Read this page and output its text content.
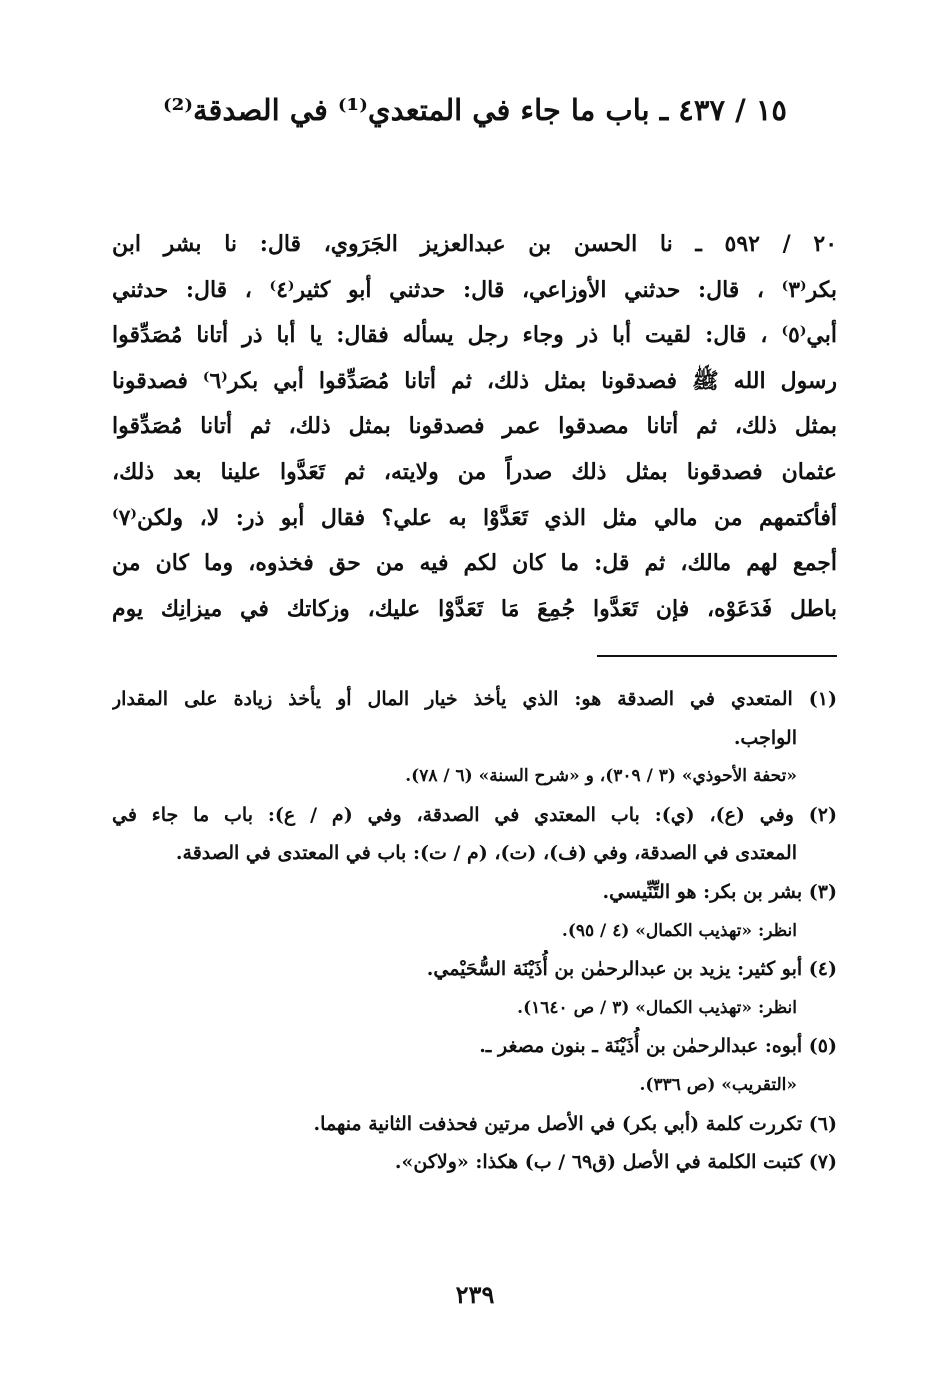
١٥ / ٤٣٧ ـ باب ما جاء في المتعدي⁽¹⁾ في الصدقة⁽²⁾
٢٠ / ٥٩٢ ـ نا الحسن بن عبدالعزيز الجَرَوي، قال: نا بشر ابن
بكر⁽٣⁾ ، قال: حدثني الأوزاعي، قال: حدثني أبو كثير⁽٤⁾ ، قال: حدثني
أبي⁽٥⁾ ، قال: لقيت أبا ذر وجاء رجل يسأله فقال: يا أبا ذر أتانا مُصَدِّقوا
رسول الله ﷺ فصدقونا بمثل ذلك، ثم أتانا مُصَدِّقوا أبي بكر⁽٦⁾ فصدقونا
بمثل ذلك، ثم أتانا مصدقوا عمر فصدقونا بمثل ذلك، ثم أتانا مُصَدِّقوا
عثمان فصدقونا بمثل ذلك صدراً من ولايته، ثم تَعَدَّوا علينا بعد ذلك،
أفأكتمهم من مالي مثل الذي تَعَدَّوْا به علي؟ فقال أبو ذر: لا، ولكن⁽٧⁾
أجمع لهم مالك، ثم قل: ما كان لكم فيه من حق فخذوه، وما كان من
باطل فَدَعَوْه، فإن تَعَدَّوا جُمِعَ مَا تَعَدَّوْا عليك، وزكاتك في ميزانِك يوم
(١) المتعدي في الصدقة هو: الذي يأخذ خيار المال أو يأخذ زيادة على المقدار
الواجب.
«تحفة الأحوذي» (٣ / ٣٠٩)، و «شرح السنة» (٦ / ٧٨).
(٢) وفي (ع)، (ي): باب المعتدي في الصدقة، وفي (م / ع): باب ما جاء في
المعتدى في الصدقة، وفي (ف)، (ت)، (م / ت): باب في المعتدى في الصدقة.
(٣) بشر بن بكر: هو التِّنِّيسي.
انظر: «تهذيب الكمال» (٤ / ٩٥).
(٤) أبو كثير: يزيد بن عبدالرحمٰن بن أُذَيْنَة السُّحَيْمي.
انظر: «تهذيب الكمال» (٣ / ص ١٦٤٠).
(٥) أبوه: عبدالرحمٰن بن أُذَيْنَة ـ بنون مصغر ـ.
«التقريب» (ص ٣٣٦).
(٦) تكررت كلمة (أبي بكر) في الأصل مرتين فحذفت الثانية منهما.
(٧) كتبت الكلمة في الأصل (ق٦٩ / ب) هكذا: «ولاكن».
٢٣٩
